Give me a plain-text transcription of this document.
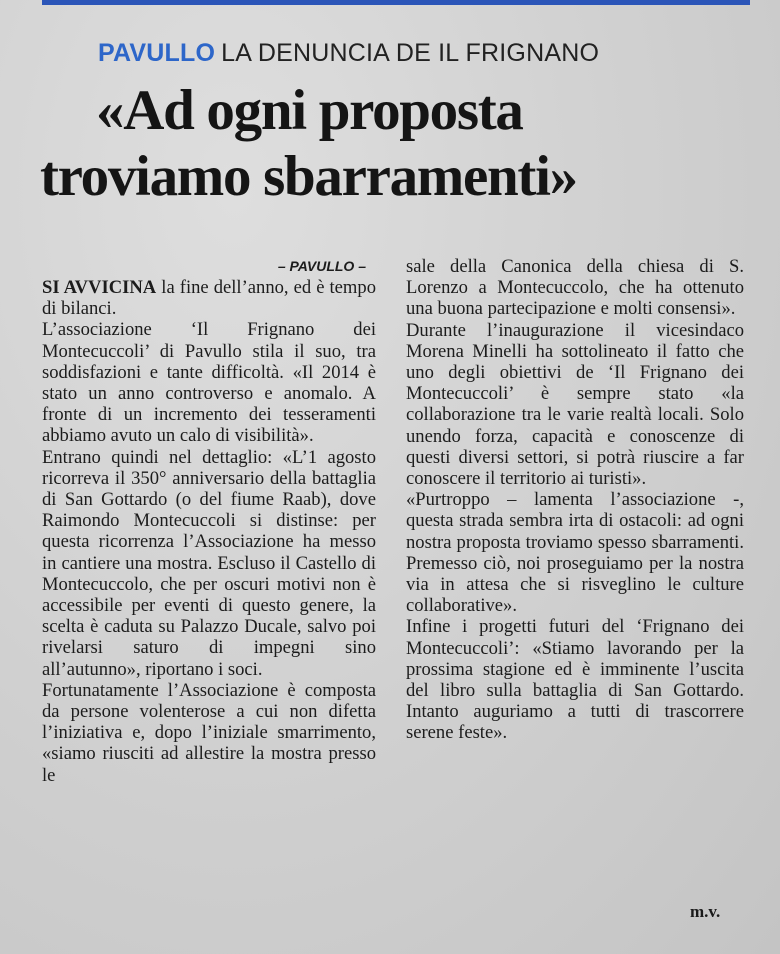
PAVULLO LA DENUNCIA DE IL FRIGNANO
«Ad ogni proposta
troviamo sbarramenti»
– PAVULLO –

SI AVVICINA la fine dell’anno, ed è tempo di bilanci.

L’associazione ‘Il Frignano dei Montecuccoli’ di Pavullo stila il suo, tra soddisfazioni e tante difficoltà. «Il 2014 è stato un anno controverso e anomalo. A fronte di un incremento dei tesseramenti abbiamo avuto un calo di visibilità».

Entrano quindi nel dettaglio: «L’1 agosto ricorreva il 350° anniversario della battaglia di San Gottardo (o del fiume Raab), dove Raimondo Montecuccoli si distinse: per questa ricorrenza l’Associazione ha messo in cantiere una mostra. Escluso il Castello di Montecuccolo, che per oscuri motivi non è accessibile per eventi di questo genere, la scelta è caduta su Palazzo Ducale, salvo poi rivelarsi saturo di impegni sino all’autunno», riportano i soci.

Fortunatamente l’Associazione è composta da persone volenterose a cui non difetta l’iniziativa e, dopo l’iniziale smarrimento, «siamo riusciti ad allestire la mostra presso le

sale della Canonica della chiesa di S. Lorenzo a Montecuccolo, che ha ottenuto una buona partecipazione e molti consensi».

Durante l’inaugurazione il vicesindaco Morena Minelli ha sottolineato il fatto che uno degli obiettivi de ‘Il Frignano dei Montecuccoli’ è sempre stato «la collaborazione tra le varie realtà locali. Solo unendo forza, capacità e conoscenze di questi diversi settori, si potrà riuscire a far conoscere il territorio ai turisti».

«Purtroppo – lamenta l’associazione -, questa strada sembra irta di ostacoli: ad ogni nostra proposta troviamo spesso sbarramenti. Premesso ciò, noi proseguiamo per la nostra via in attesa che si risveglino le culture collaborative».

Infine i progetti futuri del ‘Frignano dei Montecuccoli’: «Stiamo lavorando per la prossima stagione ed è imminente l’uscita del libro sulla battaglia di San Gottardo. Intanto auguriamo a tutti di trascorrere serene feste».

m.v.
